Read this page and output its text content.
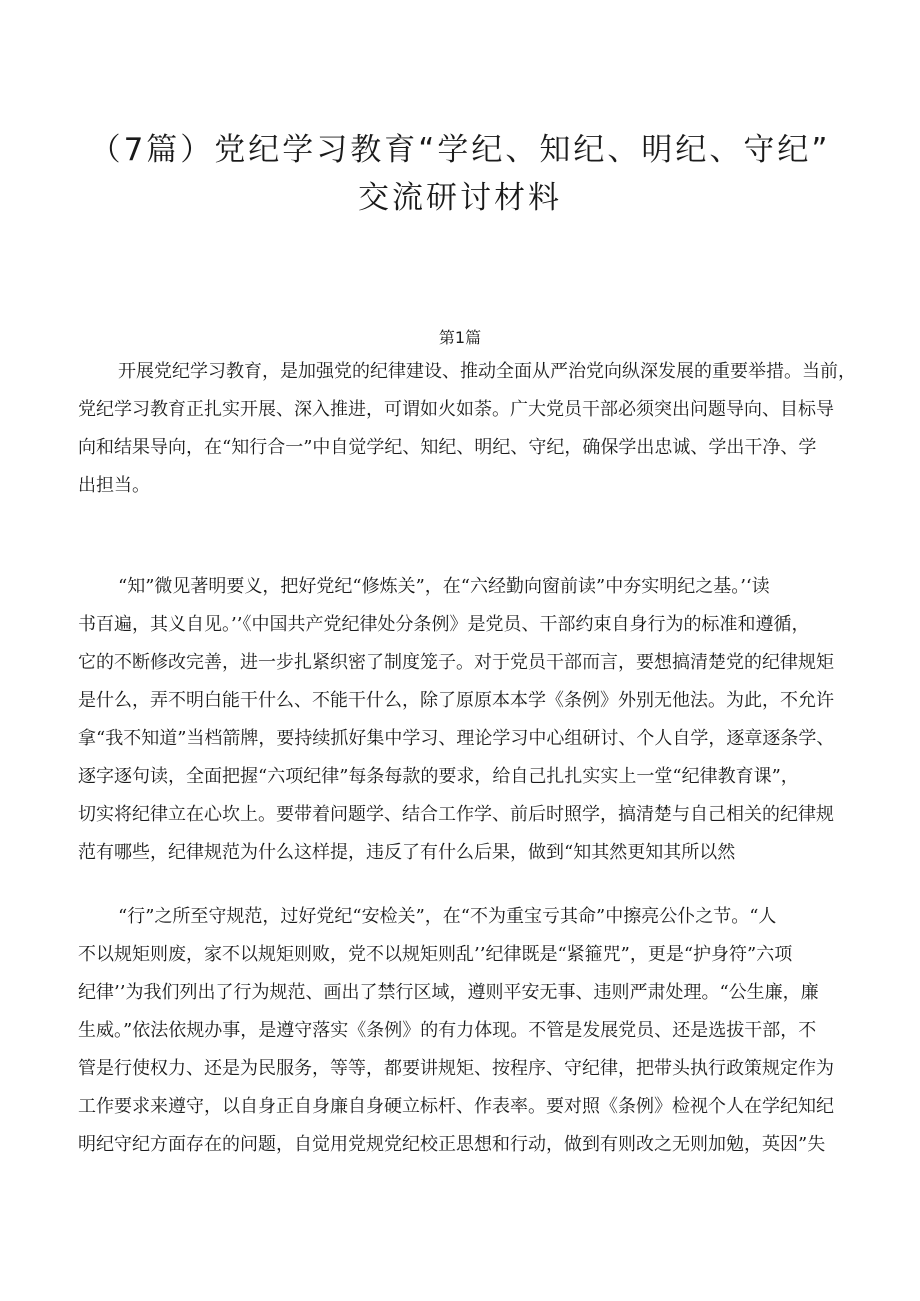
（7篇）党纪学习教育“学纪、知纪、明纪、守纪”
交流研讨材料
第1篇

开展党纪学习教育，是加强党的纪律建设、推动全面从严治党向纵深发展的重要举措。当前，
党纪学习教育正扎实开展、深入推进，可谓如火如荼。广大党员干部必须突出问题导向、目标导
向和结果导向，在“知行合一”中自觉学纪、知纪、明纪、守纪，确保学出忠诚、学出干净、学
出担当。

“知”微见著明要义，把好党纪“修炼关”，在“六经勤向窗前读”中夯实明纪之基。’‘读
书百遍，其义自见。’’《中国共产党纪律处分条例》是党员、干部约束自身行为的标准和遵循，
它的不断修改完善，进一步扎紧织密了制度笼子。对于党员干部而言，要想搞清楚党的纪律规矩
是什么，弄不明白能干什么、不能干什么，除了原原本本学《条例》外别无他法。为此，不允许
拿“我不知道”当档箭牌，要持续抓好集中学习、理论学习中心组研讨、个人自学，逐章逐条学、
逐字逐句读，全面把握“六项纪律”每条每款的要求，给自己扎扎实实上一堂“纪律教育课”，
切实将纪律立在心坎上。要带着问题学、结合工作学、前后时照学，搞清楚与自己相关的纪律规
范有哪些，纪律规范为什么这样提，违反了有什么后果，做到“知其然更知其所以然

“行”之所至守规范，过好党纪“安检关”，在“不为重宝亏其命”中擦亮公仆之节。“人
不以规矩则废，家不以规矩则败，党不以规矩则乱’’纪律既是“紧箍咒”，更是“护身符”六项
纪律’’为我们列出了行为规范、画出了禁行区域，遵则平安无事、违则严肃处理。“公生廉，廉
生威。”依法依规办事，是遵守落实《条例》的有力体现。不管是发展党员、还是选拔干部，不
管是行使权力、还是为民服务，等等，都要讲规矩、按程序、守纪律，把带头执行政策规定作为
工作要求来遵守，以自身正自身廉自身硬立标杆、作表率。要对照《条例》检视个人在学纪知纪
明纪守纪方面存在的问题，自觉用党规党纪校正思想和行动，做到有则改之无则加勉，英因”失
